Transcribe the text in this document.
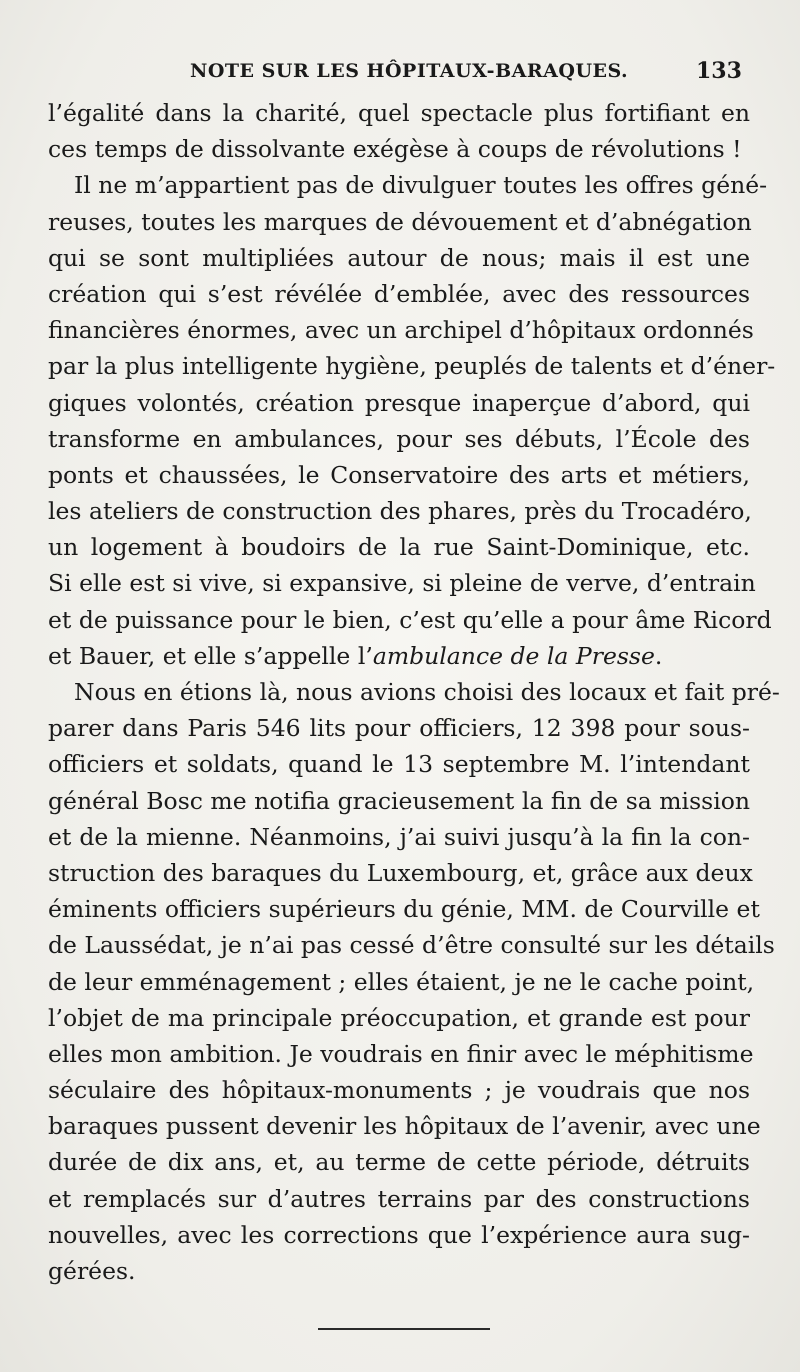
NOTE SUR LES HÔPITAUX-BARAQUES.	133
l’égalité dans la charité, quel spectacle plus fortifiant en
ces temps de dissolvante exégèse à coups de révolutions !
Il ne m’appartient pas de divulguer toutes les offres géné-
reuses, toutes les marques de dévouement et d’abnégation
qui se sont multipliées autour de nous; mais il est une
création qui s’est révélée d’emblée, avec des ressources
financières énormes, avec un archipel d’hôpitaux ordonnés
par la plus intelligente hygiène, peuplés de talents et d’éner-
giques volontés, création presque inaperçue d’abord, qui
transforme en ambulances, pour ses débuts, l’École des
ponts et chaussées, le Conservatoire des arts et métiers,
les ateliers de construction des phares, près du Trocadéro,
un logement à boudoirs de la rue Saint-Dominique, etc.
Si elle est si vive, si expansive, si pleine de verve, d’entrain
et de puissance pour le bien, c’est qu’elle a pour âme Ricord
et Bauer, et elle s’appelle l’ambulance de la Presse.
Nous en étions là, nous avions choisi des locaux et fait pré-
parer dans Paris 546 lits pour officiers, 12 398 pour sous-
officiers et soldats, quand le 13 septembre M. l’intendant
général Bosc me notifia gracieusement la fin de sa mission
et de la mienne. Néanmoins, j’ai suivi jusqu’à la fin la con-
struction des baraques du Luxembourg, et, grâce aux deux
éminents officiers supérieurs du génie, MM. de Courville et
de Laussédat, je n’ai pas cessé d’être consulté sur les détails
de leur emménagement ; elles étaient, je ne le cache point,
l’objet de ma principale préoccupation, et grande est pour
elles mon ambition. Je voudrais en finir avec le méphitisme
séculaire des hôpitaux-monuments ; je voudrais que nos
baraques pussent devenir les hôpitaux de l’avenir, avec une
durée de dix ans, et, au terme de cette période, détruits
et remplacés sur d’autres terrains par des constructions
nouvelles, avec les corrections que l’expérience aura sug-
gérées.
